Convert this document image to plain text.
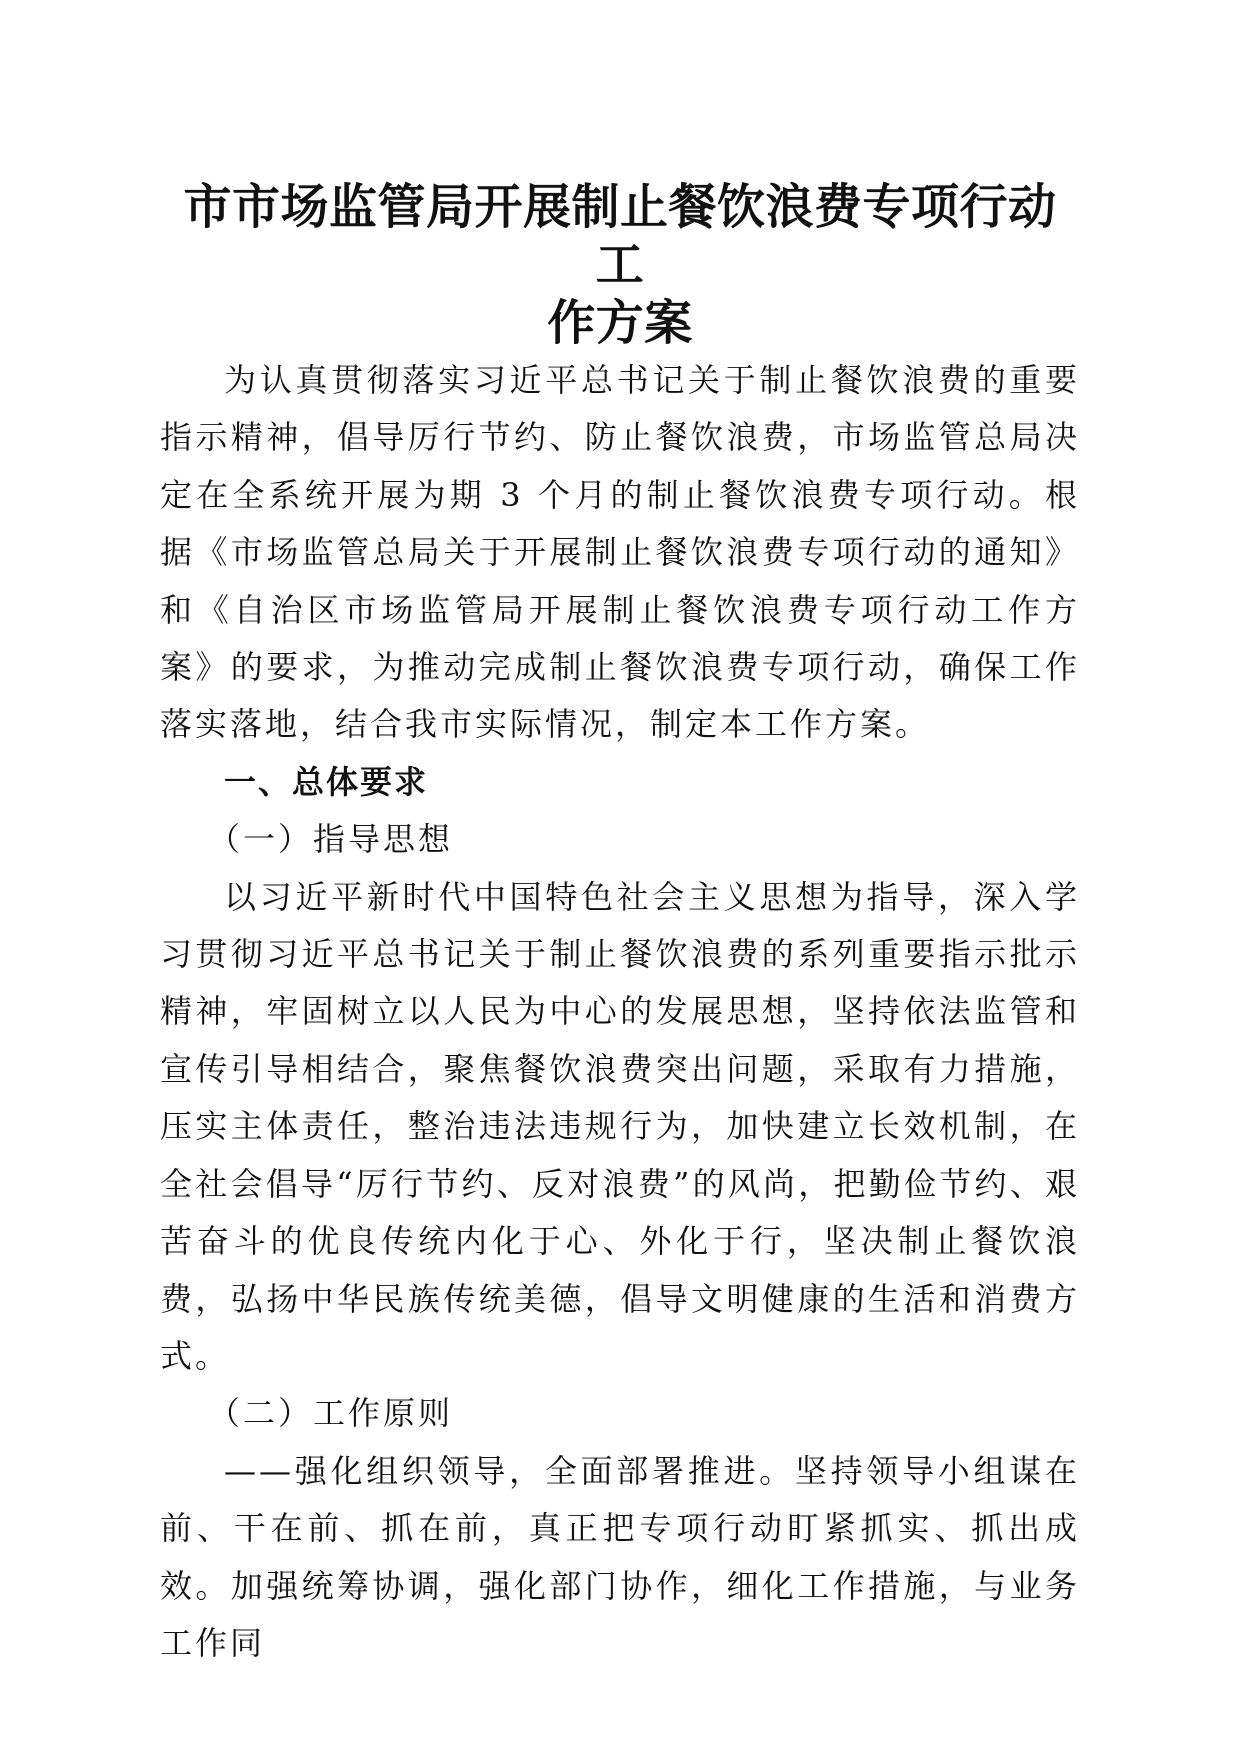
市市场监管局开展制止餐饮浪费专项行动工
作方案

为认真贯彻落实习近平总书记关于制止餐饮浪费的重要指示精神，倡导厉行节约、防止餐饮浪费，市场监管总局决定在全系统开展为期 3 个月的制止餐饮浪费专项行动。根据《市场监管总局关于开展制止餐饮浪费专项行动的通知》和《自治区市场监管局开展制止餐饮浪费专项行动工作方案》的要求，为推动完成制止餐饮浪费专项行动，确保工作落实落地，结合我市实际情况，制定本工作方案。

一、总体要求
（一）指导思想

以习近平新时代中国特色社会主义思想为指导，深入学习贯彻习近平总书记关于制止餐饮浪费的系列重要指示批示精神，牢固树立以人民为中心的发展思想，坚持依法监管和宣传引导相结合，聚焦餐饮浪费突出问题，采取有力措施，压实主体责任，整治违法违规行为，加快建立长效机制，在全社会倡导“厉行节约、反对浪费”的风尚，把勤俭节约、艰苦奋斗的优良传统内化于心、外化于行，坚决制止餐饮浪费，弘扬中华民族传统美德，倡导文明健康的生活和消费方式。

（二）工作原则

——强化组织领导，全面部署推进。坚持领导小组谋在前、干在前、抓在前，真正把专项行动盯紧抓实、抓出成效。加强统筹协调，强化部门协作，细化工作措施，与业务工作同
